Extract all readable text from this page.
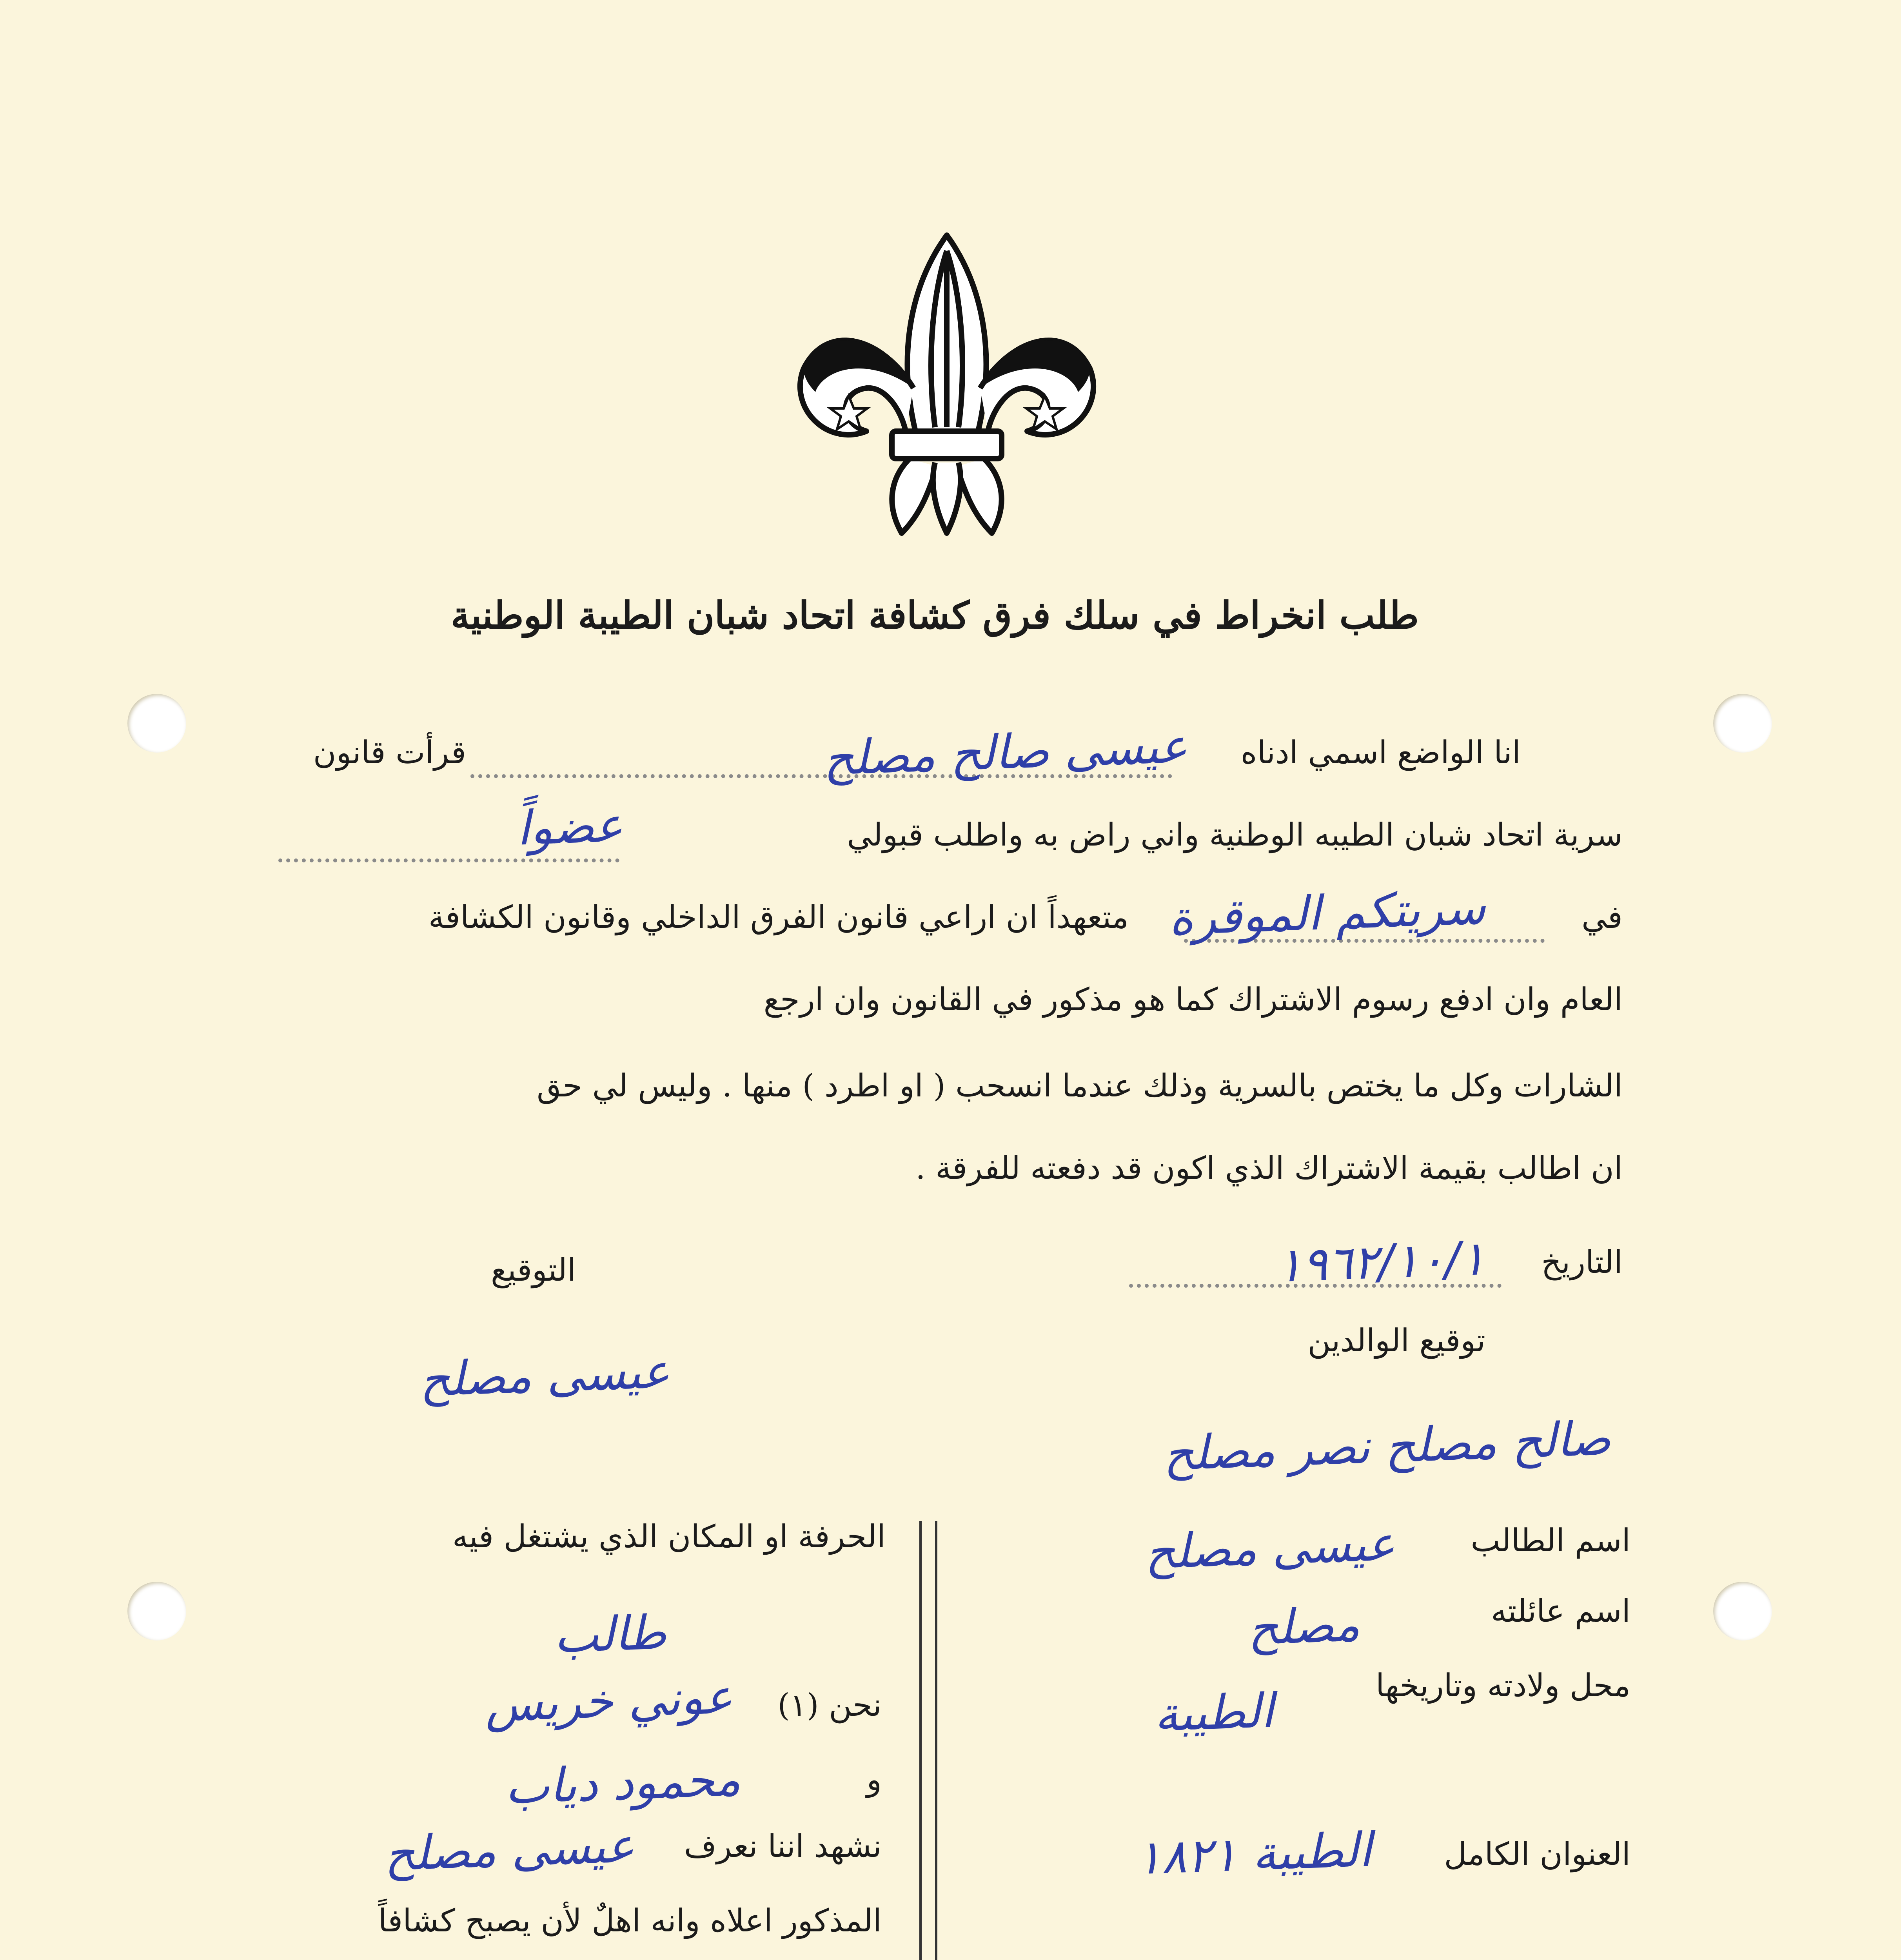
طلب انخراط في سلك فرق كشافة اتحاد شبان الطيبة الوطنية
انا الواضع اسمي ادناه
عيسى صالح مصلح
قرأت قانون
سرية اتحاد شبان الطيبه الوطنية واني راض به واطلب قبولي
عضواً
في
سريتكم الموقرة
متعهداً ان اراعي قانون الفرق الداخلي وقانون الكشافة
العام وان ادفع رسوم الاشتراك كما هو مذكور في القانون وان ارجع
الشارات وكل ما يختص بالسرية وذلك عندما انسحب ( او اطرد ) منها . وليس لي حق
ان اطالب بقيمة الاشتراك الذي اكون قد دفعته للفرقة .
التاريخ
١٩٦٢/١٠/١
التوقيع
توقيع الوالدين
عيسى مصلح
صالح مصلح نصر مصلح
اسم الطالب
عيسى مصلح
اسم عائلته
مصلح
محل ولادته وتاريخها
الطيبة
العنوان الكامل
الطيبة ١٨٢١
الحرفة او المكان الذي يشتغل فيه
طالب
نحن (١)
عوني خريس
و
محمود دياب
نشهد اننا نعرف
عيسى مصلح
المذكور اعلاه وانه اهلٌ لأن يصبح كشافاً
